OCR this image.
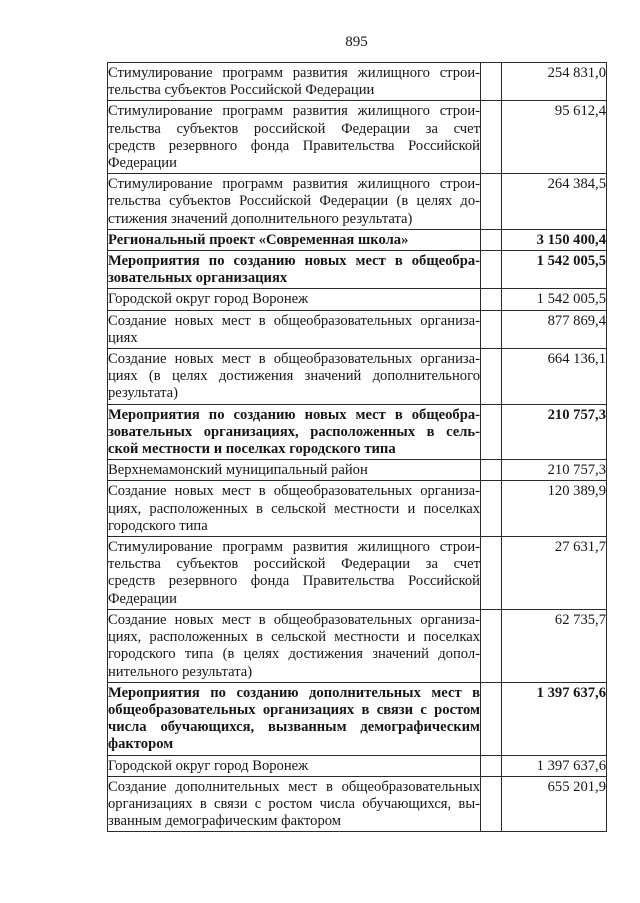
895
Стимулирование программ развития жилищного строи-
тельства субъектов Российской Федерации		254 831,0

Стимулирование программ развития жилищного строи-
тельства субъектов российской Федерации за счет
средств резервного фонда Правительства Российской
Федерации		95 612,4

Стимулирование программ развития жилищного строи-
тельства субъектов Российской Федерации (в целях до-
стижения значений дополнительного результата)		264 384,5

Региональный проект «Современная школа»		3 150 400,4

Мероприятия по созданию новых мест в общеобра-
зовательных организациях		1 542 005,5

Городской округ город Воронеж		1 542 005,5

Создание новых мест в общеобразовательных организа-
циях		877 869,4

Создание новых мест в общеобразовательных организа-
циях (в целях достижения значений дополнительного
результата)		664 136,1

Мероприятия по созданию новых мест в общеобра-
зовательных организациях, расположенных в сель-
ской местности и поселках городского типа		210 757,3

Верхнемамонский муниципальный район		210 757,3

Создание новых мест в общеобразовательных организа-
циях, расположенных в сельской местности и поселках
городского типа		120 389,9

Стимулирование программ развития жилищного строи-
тельства субъектов российской Федерации за счет
средств резервного фонда Правительства Российской
Федерации		27 631,7

Создание новых мест в общеобразовательных организа-
циях, расположенных в сельской местности и поселках
городского типа (в целях достижения значений допол-
нительного результата)		62 735,7

Мероприятия по созданию дополнительных мест в
общеобразовательных организациях в связи с ростом
числа обучающихся, вызванным демографическим
фактором		1 397 637,6

Городской округ город Воронеж		1 397 637,6

Создание дополнительных мест в общеобразовательных
организациях в связи с ростом числа обучающихся, вы-
званным демографическим фактором		655 201,9
